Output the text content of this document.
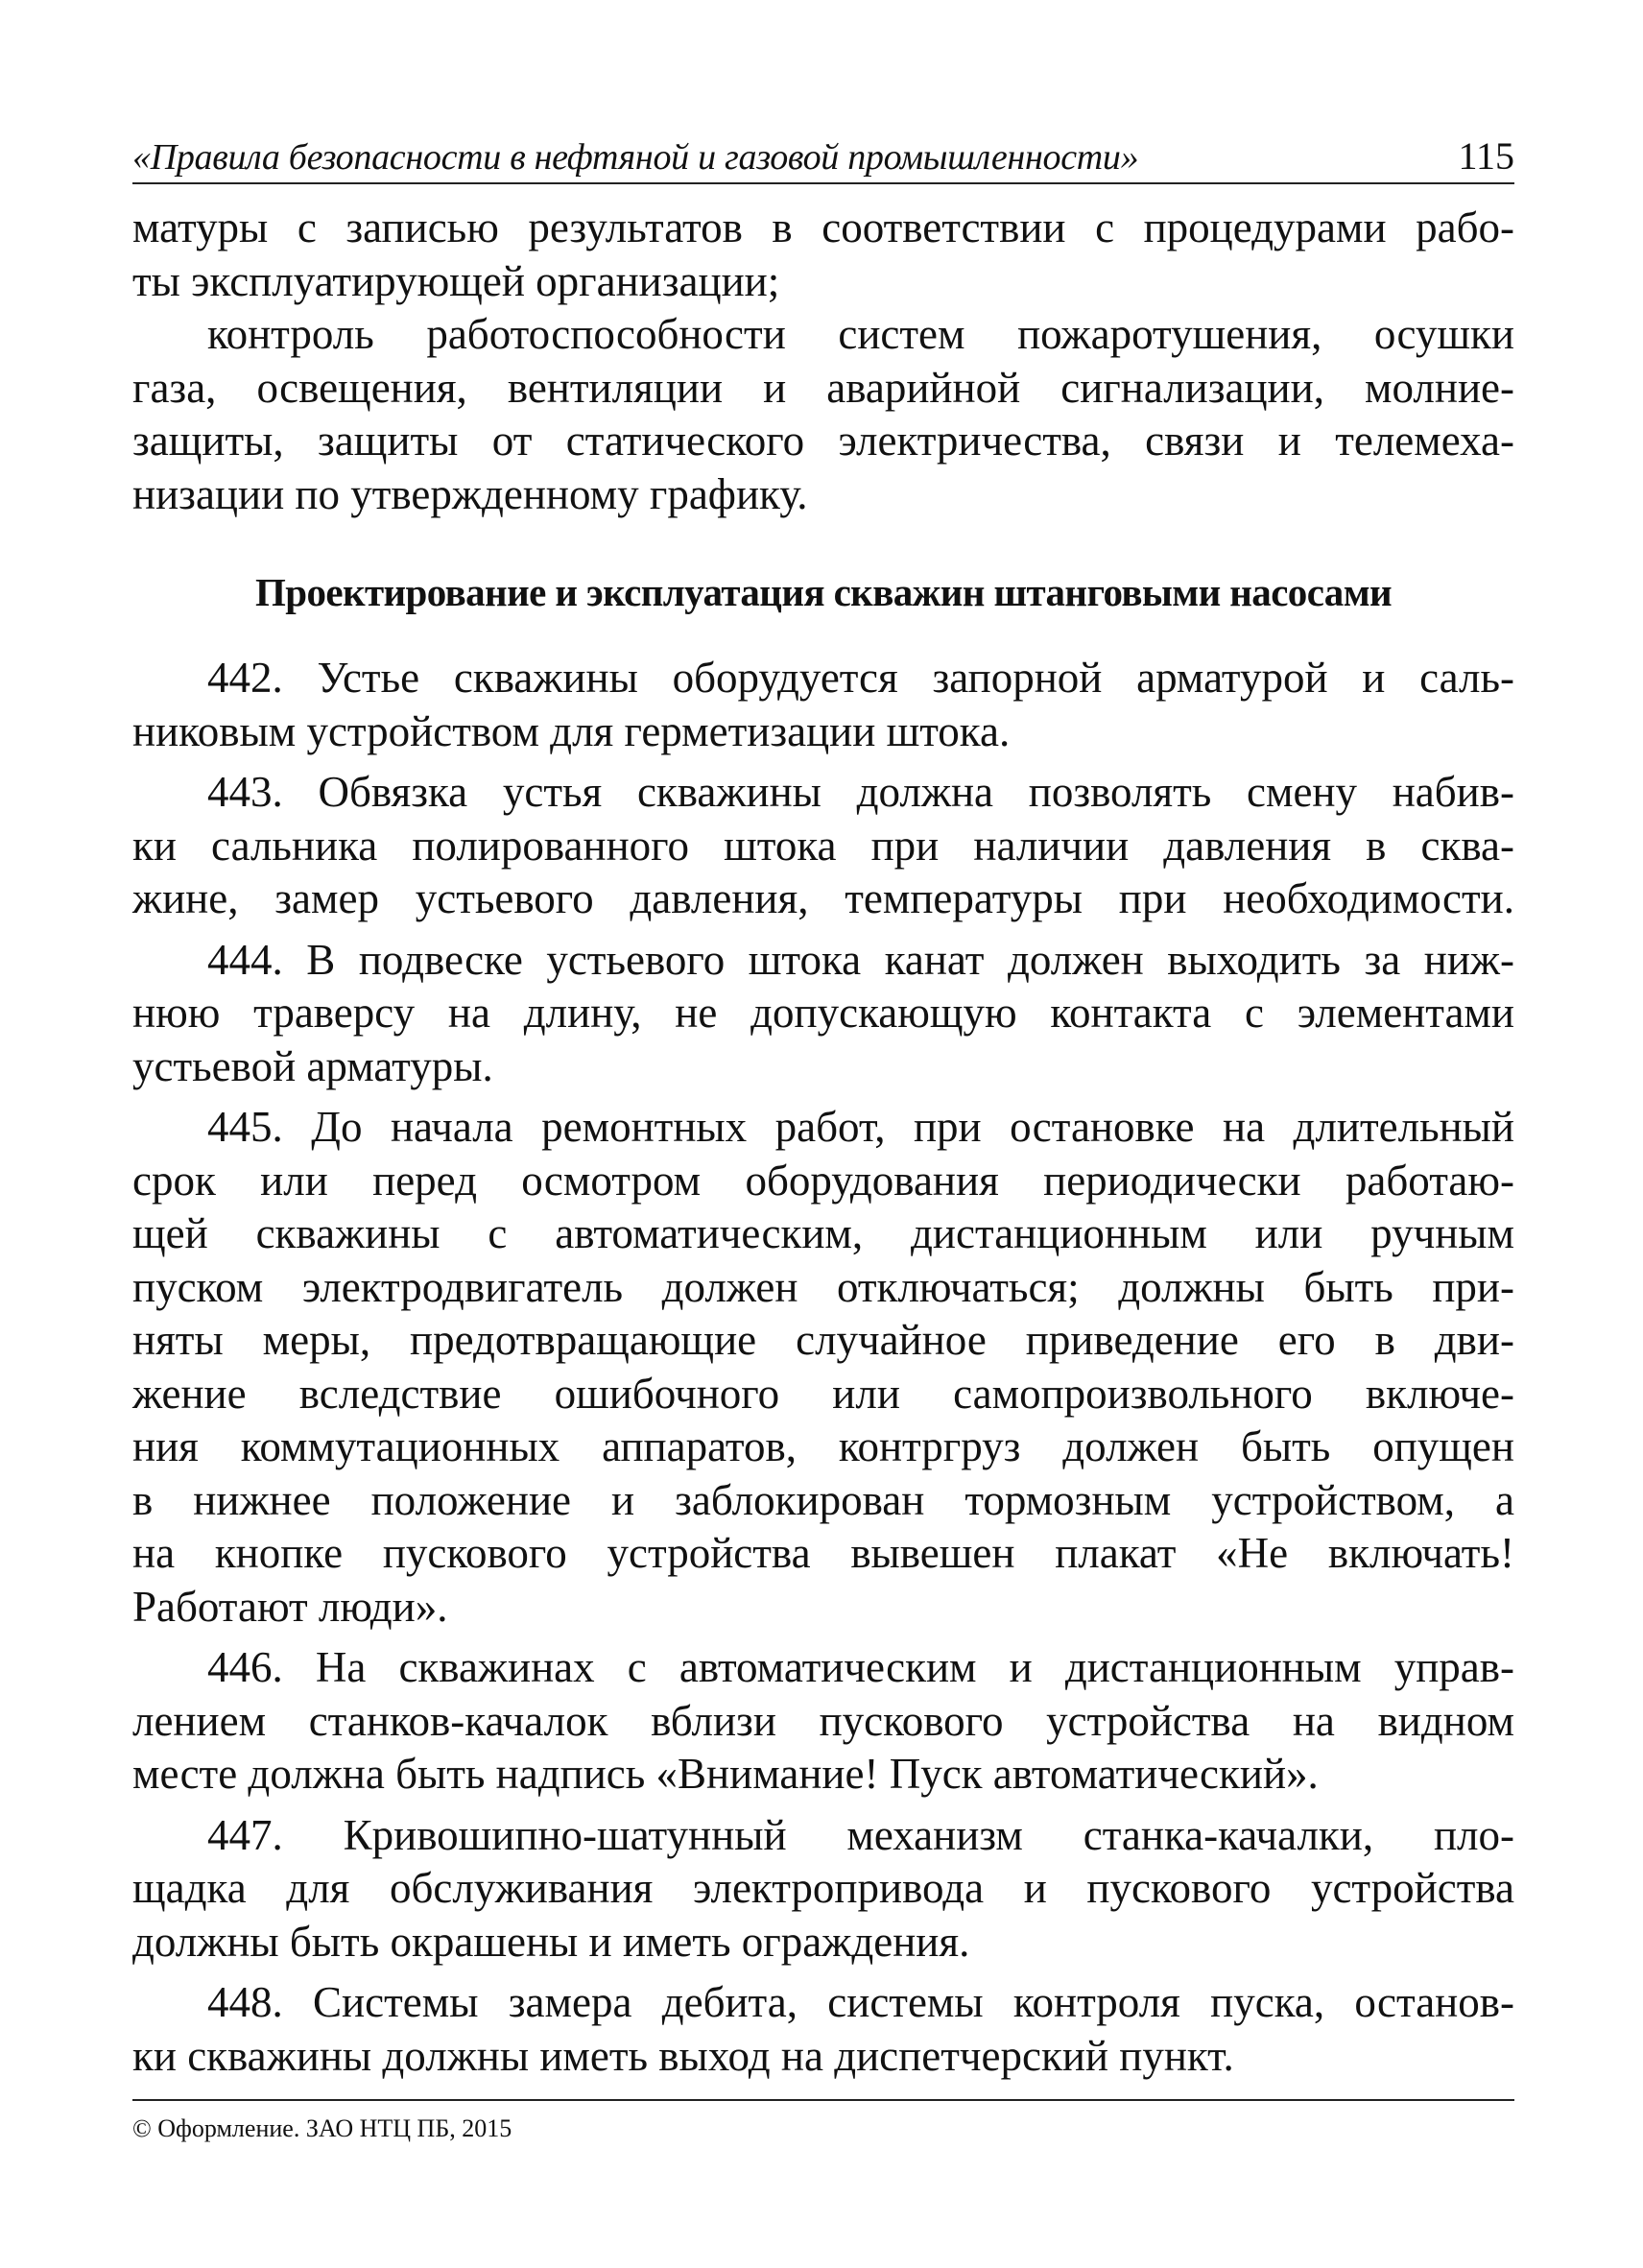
«Правила безопасности в нефтяной и газовой промышленности»	115
матуры с записью результатов в соответствии с процедурами рабо-
ты эксплуатирующей организации;
контроль работоспособности систем пожаротушения, осушки
газа, освещения, вентиляции и аварийной сигнализации, молние-
защиты, защиты от статического электричества, связи и телемеха-
низации по утвержденному графику.
Проектирование и эксплуатация скважин штанговыми насосами
442. Устье скважины оборудуется запорной арматурой и саль-
никовым устройством для герметизации штока.
443. Обвязка устья скважины должна позволять смену набив-
ки сальника полированного штока при наличии давления в сква-
жине, замер устьевого давления, температуры при необходимости.
444. В подвеске устьевого штока канат должен выходить за ниж-
нюю траверсу на длину, не допускающую контакта с элементами
устьевой арматуры.
445. До начала ремонтных работ, при остановке на длительный
срок или перед осмотром оборудования периодически работаю-
щей скважины с автоматическим, дистанционным или ручным
пуском электродвигатель должен отключаться; должны быть при-
няты меры, предотвращающие случайное приведение его в дви-
жение вследствие ошибочного или самопроизвольного включе-
ния коммутационных аппаратов, контргруз должен быть опущен
в нижнее положение и заблокирован тормозным устройством, а
на кнопке пускового устройства вывешен плакат «Не включать!
Работают люди».
446. На скважинах с автоматическим и дистанционным управ-
лением станков-качалок вблизи пускового устройства на видном
месте должна быть надпись «Внимание! Пуск автоматический».
447. Кривошипно-шатунный механизм станка-качалки, пло-
щадка для обслуживания электропривода и пускового устройства
должны быть окрашены и иметь ограждения.
448. Системы замера дебита, системы контроля пуска, останов-
ки скважины должны иметь выход на диспетчерский пункт.
© Оформление. ЗАО НТЦ ПБ, 2015
